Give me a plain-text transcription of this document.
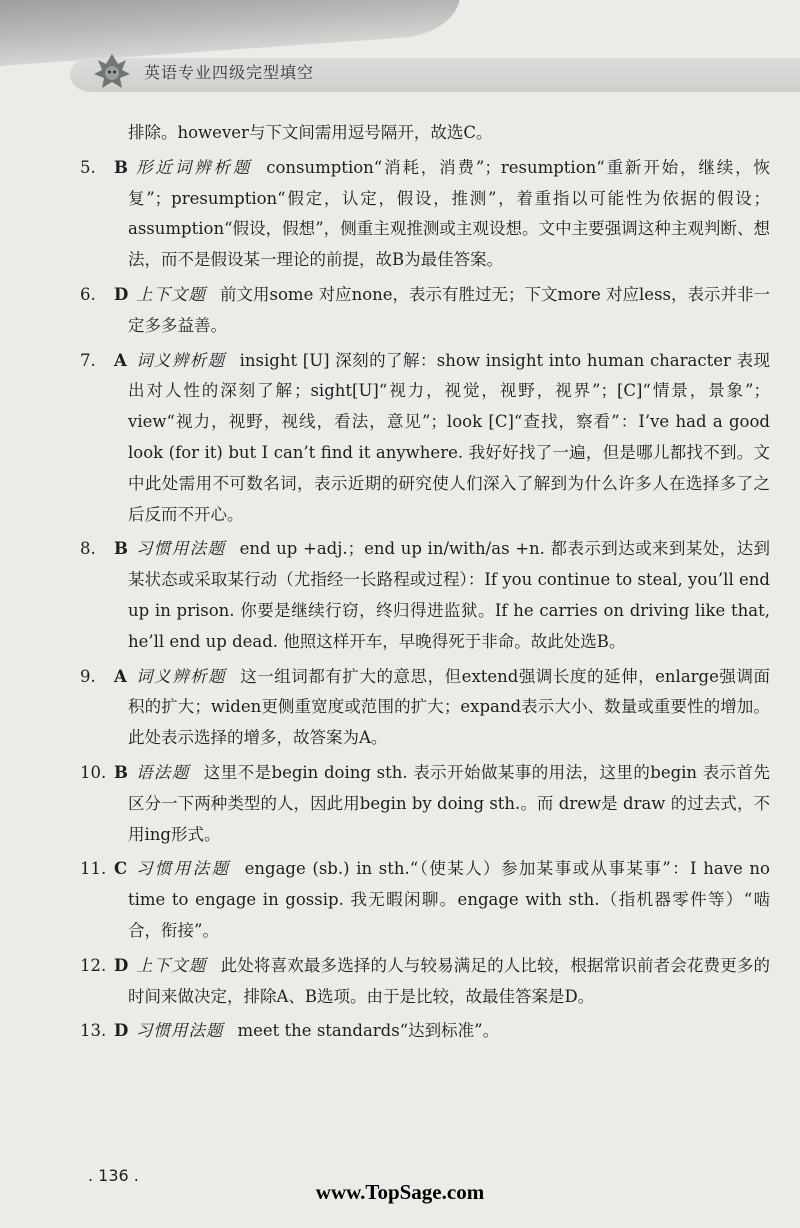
英语专业四级完型填空

排除。however与下文间需用逗号隔开，故选C。

5.	B 形近词辨析题 consumption“消耗，消费”；resumption“重新开始，继续，恢复”；presumption“假定，认定，假设，推测”，着重指以可能性为依据的假设；assumption“假设，假想”，侧重主观推测或主观设想。文中主要强调这种主观判断、想法，而不是假设某一理论的前提，故B为最佳答案。
6.	D 上下文题 前文用some 对应none，表示有胜过无；下文more 对应less，表示并非一定多多益善。
7.	A 词义辨析题 insight [U] 深刻的了解：show insight into human character 表现出对人性的深刻了解；sight[U]“视力，视觉，视野，视界”；[C]“情景，景象”；view“视力，视野，视线，看法，意见”；look [C]“查找，察看”：I’ve had a good look (for it) but I can’t find it anywhere. 我好好找了一遍，但是哪儿都找不到。文中此处需用不可数名词，表示近期的研究使人们深入了解到为什么许多人在选择多了之后反而不开心。
8.	B 习惯用法题 end up +adj.；end up in/with/as +n. 都表示到达或来到某处，达到某状态或采取某行动（尤指经一长路程或过程）：If you continue to steal, you’ll end up in prison. 你要是继续行窃，终归得进监狱。If he carries on driving like that, he’ll end up dead. 他照这样开车，早晚得死于非命。故此处选B。
9.	A 词义辨析题 这一组词都有扩大的意思，但extend强调长度的延伸，enlarge强调面积的扩大；widen更侧重宽度或范围的扩大；expand表示大小、数量或重要性的增加。此处表示选择的增多，故答案为A。
10. B 语法题 这里不是begin doing sth. 表示开始做某事的用法，这里的begin 表示首先区分一下两种类型的人，因此用begin by doing sth.。而 drew是 draw 的过去式，不用ing形式。
11. C 习惯用法题 engage (sb.) in sth.“（使某人）参加某事或从事某事”：I have no time to engage in gossip. 我无暇闲聊。engage with sth.（指机器零件等）“啮合，衔接”。
12. D 上下文题 此处将喜欢最多选择的人与较易满足的人比较，根据常识前者会花费更多的时间来做决定，排除A、B选项。由于是比较，故最佳答案是D。
13. D 习惯用法题 meet the standards“达到标准”。
. 136 .
www.TopSage.com
